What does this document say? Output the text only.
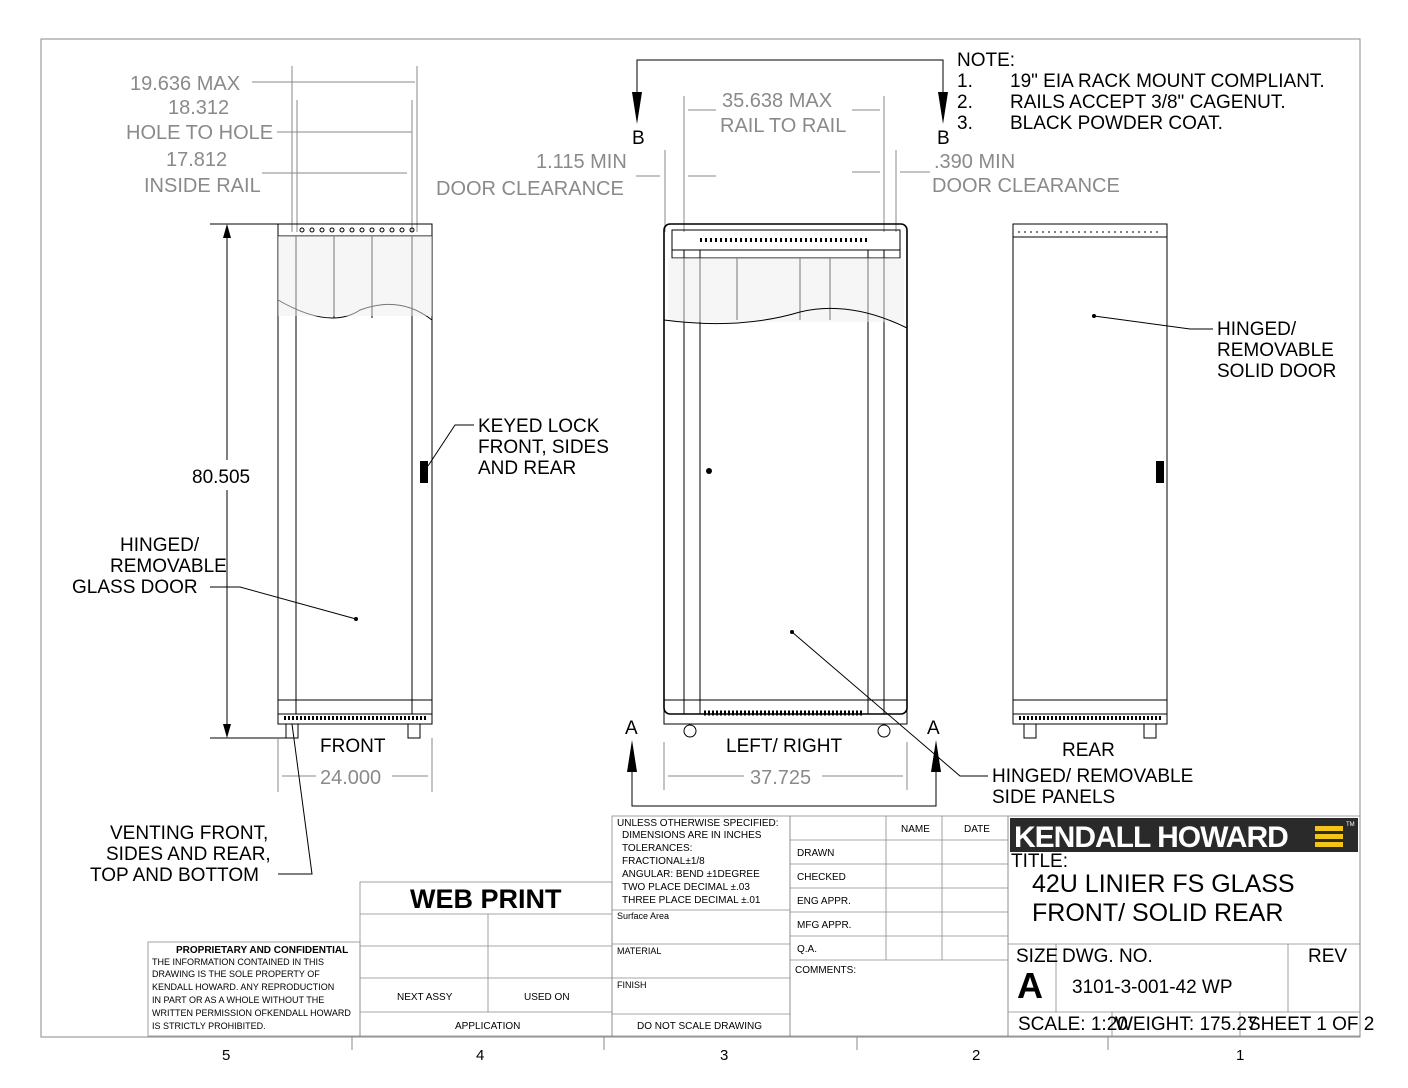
5	4	3	2	1
NOTE:
1. 19" EIA RACK MOUNT COMPLIANT.
2. RAILS ACCEPT 3/8" CAGENUT.
3. BLACK POWDER COAT.
19.636 MAX
18.312
HOLE TO HOLE
17.812
INSIDE RAIL
80.505
24.000
FRONT
KEYED LOCK
FRONT, SIDES
AND REAR
HINGED/
REMOVABLE
GLASS DOOR
VENTING FRONT,
SIDES AND REAR,
TOP AND BOTTOM
B	B
35.638 MAX
RAIL TO RAIL
1.115 MIN
DOOR CLEARANCE
.390 MIN
DOOR CLEARANCE
A	A
37.725
LEFT/ RIGHT
HINGED/ REMOVABLE
SIDE PANELS
REAR
HINGED/
REMOVABLE
SOLID DOOR
PROPRIETARY AND CONFIDENTIAL
THE INFORMATION CONTAINED IN THIS
DRAWING IS THE SOLE PROPERTY OF
KENDALL HOWARD. ANY REPRODUCTION
IN PART OR AS A WHOLE WITHOUT THE
WRITTEN PERMISSION OFKENDALL HOWARD
IS STRICTLY PROHIBITED.
WEB PRINT
NEXT ASSY	USED ON
APPLICATION
UNLESS OTHERWISE SPECIFIED:
DIMENSIONS ARE IN INCHES
TOLERANCES:
FRACTIONAL±1/8
ANGULAR: BEND ±1DEGREE
TWO PLACE DECIMAL ±.03
THREE PLACE DECIMAL ±.01
Surface Area
MATERIAL
FINISH
DO NOT SCALE DRAWING
NAME	DATE
DRAWN
CHECKED
ENG APPR.
MFG APPR.
Q.A.
COMMENTS:
KENDALL HOWARD	TM
TITLE:
42U LINIER FS GLASS
FRONT/ SOLID REAR
SIZE
A
DWG. NO.
3101-3-001-42 WP
REV
SCALE: 1:20
WEIGHT: 175.27
SHEET 1 OF 2
